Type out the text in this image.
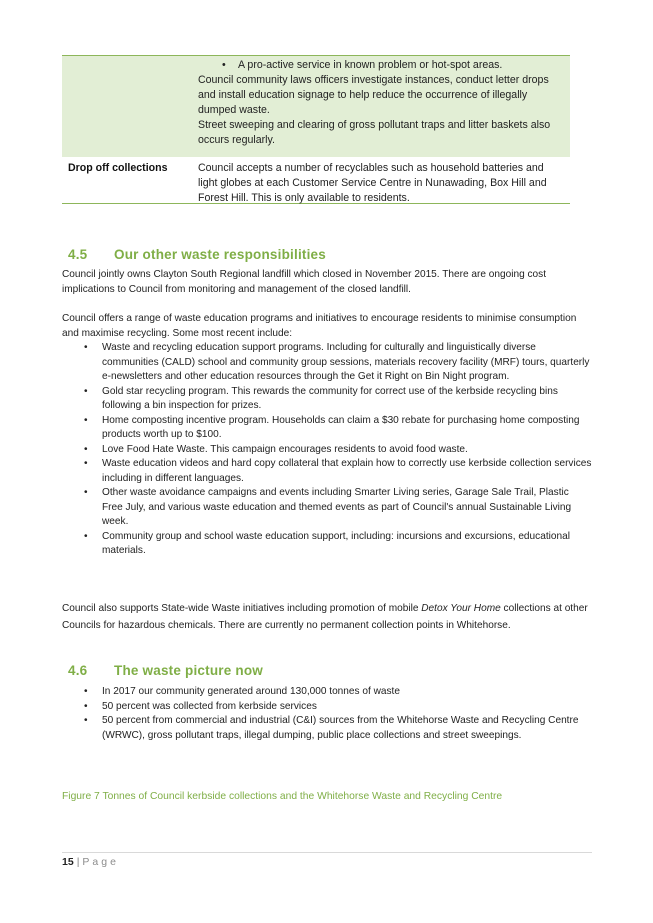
• A pro-active service in known problem or hot-spot areas.
Council community laws officers investigate instances, conduct letter drops and install education signage to help reduce the occurrence of illegally dumped waste.
Street sweeping and clearing of gross pollutant traps and litter baskets also occurs regularly.
Drop off collections	Council accepts a number of recyclables such as household batteries and light globes at each Customer Service Centre in Nunawading, Box Hill and Forest Hill. This is only available to residents.
4.5 Our other waste responsibilities

Council jointly owns Clayton South Regional landfill which closed in November 2015. There are ongoing cost implications to Council from monitoring and management of the closed landfill.

Council offers a range of waste education programs and initiatives to encourage residents to minimise consumption and maximise recycling. Some most recent include:

• Waste and recycling education support programs. Including for culturally and linguistically diverse communities (CALD) school and community group sessions, materials recovery facility (MRF) tours, quarterly e-newsletters and other education resources through the Get it Right on Bin Night program.
• Gold star recycling program. This rewards the community for correct use of the kerbside recycling bins following a bin inspection for prizes.
• Home composting incentive program. Households can claim a $30 rebate for purchasing home composting products worth up to $100.
• Love Food Hate Waste. This campaign encourages residents to avoid food waste.
• Waste education videos and hard copy collateral that explain how to correctly use kerbside collection services including in different languages.
• Other waste avoidance campaigns and events including Smarter Living series, Garage Sale Trail, Plastic Free July, and various waste education and themed events as part of Council's annual Sustainable Living week.
• Community group and school waste education support, including: incursions and excursions, educational materials.

Council also supports State-wide Waste initiatives including promotion of mobile Detox Your Home collections at other Councils for hazardous chemicals. There are currently no permanent collection points in Whitehorse.

4.6 The waste picture now
• In 2017 our community generated around 130,000 tonnes of waste
• 50 percent was collected from kerbside services
• 50 percent from commercial and industrial (C&I) sources from the Whitehorse Waste and Recycling Centre (WRWC), gross pollutant traps, illegal dumping, public place collections and street sweepings.

Figure 7 Tonnes of Council kerbside collections and the Whitehorse Waste and Recycling Centre

15 | Page
